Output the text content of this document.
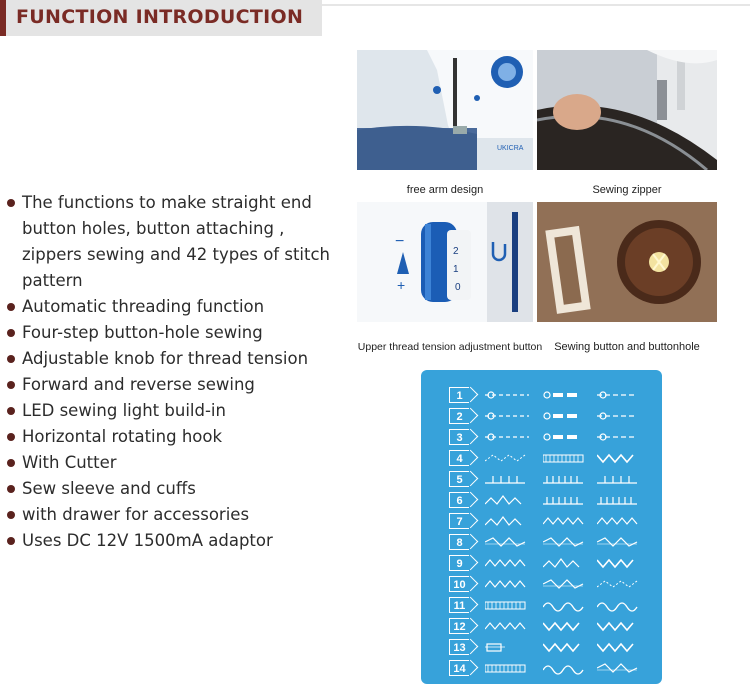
FUNCTION INTRODUCTION
The functions to make straight end button holes, button attaching , zippers sewing and 42 types of stitch pattern
Automatic threading function
Four-step button-hole sewing
Adjustable knob for thread tension
Forward and reverse sewing
LED sewing light build-in
Horizontal rotating hook
With Cutter
Sew sleeve and cuffs
with drawer for accessories
Uses DC 12V 1500mA adaptor
UKICRA
free arm design	Sewing zipper
−
+
2
1
0
Upper thread tension adjustment button	Sewing button and buttonhole
1
2
3
4
5
6
7
8
9
10
11
12
13
14
